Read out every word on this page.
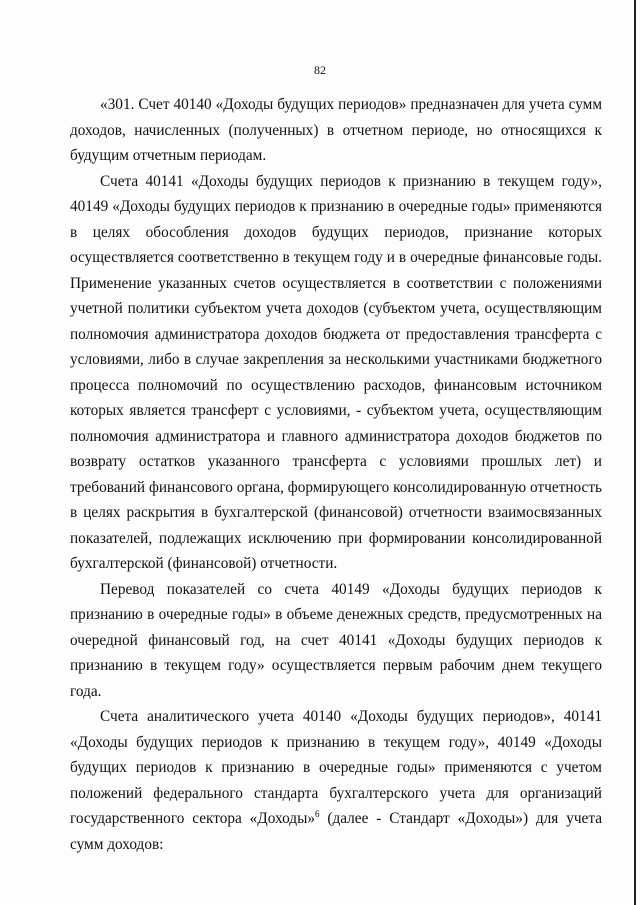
82

«301. Счет 40140 «Доходы будущих периодов» предназначен для учета сумм доходов, начисленных (полученных) в отчетном периоде, но относящихся к будущим отчетным периодам.

Счета 40141 «Доходы будущих периодов к признанию в текущем году», 40149 «Доходы будущих периодов к признанию в очередные годы» применяются в целях обособления доходов будущих периодов, признание которых осуществляется соответственно в текущем году и в очередные финансовые годы. Применение указанных счетов осуществляется в соответствии с положениями учетной политики субъектом учета доходов (субъектом учета, осуществляющим полномочия администратора доходов бюджета от предоставления трансферта с условиями, либо в случае закрепления за несколькими участниками бюджетного процесса полномочий по осуществлению расходов, финансовым источником которых является трансферт с условиями, - субъектом учета, осуществляющим полномочия администратора и главного администратора доходов бюджетов по возврату остатков указанного трансферта с условиями прошлых лет) и требований финансового органа, формирующего консолидированную отчетность в целях раскрытия в бухгалтерской (финансовой) отчетности взаимосвязанных показателей, подлежащих исключению при формировании консолидированной бухгалтерской (финансовой) отчетности.

Перевод показателей со счета 40149 «Доходы будущих периодов к признанию в очередные годы» в объеме денежных средств, предусмотренных на очередной финансовый год, на счет 40141 «Доходы будущих периодов к признанию в текущем году» осуществляется первым рабочим днем текущего года.

Счета аналитического учета 40140 «Доходы будущих периодов», 40141 «Доходы будущих периодов к признанию в текущем году», 40149 «Доходы будущих периодов к признанию в очередные годы» применяются с учетом положений федерального стандарта бухгалтерского учета для организаций государственного сектора «Доходы»$^6$ (далее - Стандарт «Доходы») для учета сумм доходов:
